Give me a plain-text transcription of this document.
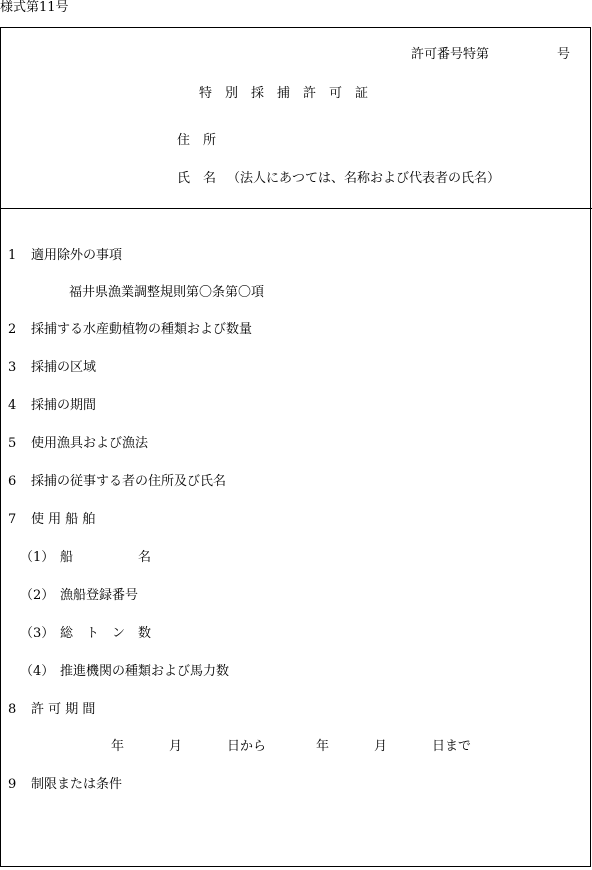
様式第11号
許可番号特第	号
特　別　採　捕　許　可　証
住　所
氏　名 （法人にあつては、名称および代表者の氏名）
1 適用除外の事項
福井県漁業調整規則第〇条第〇項
2 採捕する水産動植物の種類および数量
3 採捕の区域
4 採捕の期間
5 使用漁具および漁法
6 採捕の従事する者の住所及び氏名
7 使 用 船 舶
（1） 船　　　　　名
（2） 漁船登録番号
（3） 総　ト　ン　数
（4） 推進機関の種類および馬力数
8 許 可 期 間
年	月	日から	年	月	日まで
9 制限または条件
